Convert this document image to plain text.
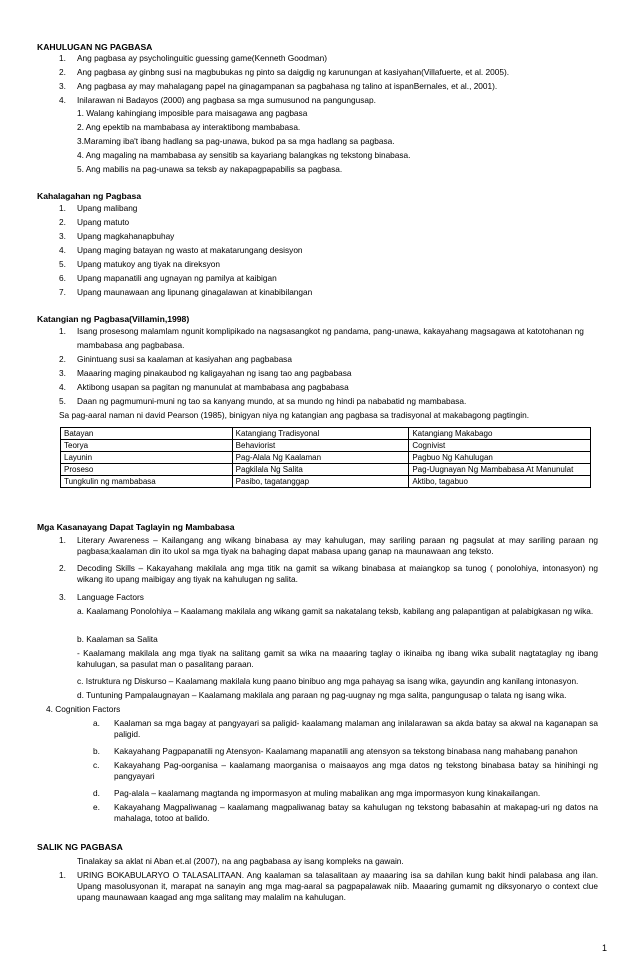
KAHULUGAN NG PAGBASA
1. Ang pagbasa ay psycholinguitic guessing game(Kenneth Goodman)
2. Ang pagbasa ay ginbng susi na magbubukas ng pinto sa daigdig ng karunungan at kasiyahan(Villafuerte, et al. 2005).
3. Ang pagbasa ay may mahalagang papel na ginagampanan sa pagbahasa ng talino at ispanBernales, et al., 2001).
4. Inilarawan ni Badayos (2000) ang pagbasa sa mga sumusunod na pangungusap.
1. Walang kahingiang imposible para maisagawa ang pagbasa
2. Ang epektib na mambabasa ay interaktibong mambabasa.
3.Maraming iba't ibang hadlang sa pag-unawa, bukod pa sa mga hadlang sa pagbasa.
4. Ang magaling na mambabasa ay sensitib sa kayariang balangkas ng tekstong binabasa.
5. Ang mabilis na pag-unawa sa teksb ay nakapagpapabilis sa pagbasa.
Kahalagahan ng Pagbasa
1. Upang malibang
2. Upang matuto
3. Upang magkahanapbuhay
4. Upang maging batayan ng wasto at makatarungang desisyon
5. Upang matukoy ang tiyak na direksyon
6. Upang mapanatili ang ugnayan ng pamilya at kaibigan
7. Upang maunawaan ang lipunang ginagalawan at kinabibilangan
Katangian ng Pagbasa(Villamin,1998)
1. Isang prosesong malamlam ngunit komplipikado na nagsasangkot ng pandama, pang-unawa, kakayahang magsagawa at katotohanan ng
mambabasa ang pagbabasa.
2. Ginintuang susi sa kaalaman at kasiyahan ang pagbabasa
3. Maaaring maging pinakaubod ng kaligayahan ng isang tao ang pagbabasa
4. Aktibong usapan sa pagitan ng manunulat at mambabasa ang pagbabasa
5. Daan ng pagmumuni-muni ng tao sa kanyang mundo, at sa mundo ng hindi pa nababatid ng mambabasa.
Sa pag-aaral naman ni david Pearson (1985), binigyan niya ng katangian ang pagbasa sa tradisyonal at makabagong pagtingin.
Batayan	Katangiang Tradisyonal	Katangiang Makabago
Teorya	Behaviorist	Cognivist
Layunin	Pag-Alala Ng Kaalaman	Pagbuo Ng Kahulugan
Proseso	Pagkilala Ng Salita	Pag-Uugnayan Ng Mambabasa At Manunulat
Tungkulin ng mambabasa	Pasibo, tagatanggap	Aktibo, tagabuo
Mga Kasanayang Dapat Taglayin ng Mambabasa
1. Literary Awareness – Kailangang ang wikang binabasa ay may kahulugan, may sariling paraan ng pagsulat at may sariling paraan ng pagbasa;kaalaman din ito ukol sa mga tiyak na bahaging dapat mabasa upang ganap na maunawaan ang teksto.
2. Decoding Skills – Kakayahang makilala ang mga titik na gamit sa wikang binabasa at maiangkop sa tunog ( ponolohiya, intonasyon) ng wikang ito upang maibigay ang tiyak na kahulugan ng salita.
3. Language Factors
a. Kaalamang Ponolohiya – Kaalamang makilala ang wikang gamit sa nakatalang teksb, kabilang ang palapantigan at palabigkasan ng wika.
b. Kaalaman sa Salita
- Kaalamang makilala ang mga tiyak na salitang gamit sa wika na maaaring taglay o ikinaiba ng ibang wika subalit nagtataglay ng ibang kahulugan, sa pasulat man o pasalitang paraan.
c. Istruktura ng Diskurso – Kaalamang makilala kung paano binibuo ang mga pahayag sa isang wika, gayundin ang kanilang intonasyon.
d. Tuntuning Pampalaugnayan – Kaalamang makilala ang paraan ng pag-uugnay ng mga salita, pangungusap o talata ng isang wika.
4. Cognition Factors
a. Kaalaman sa mga bagay at pangyayari sa paligid- kaalamang malaman ang inilalarawan sa akda batay sa akwal na kaganapan sa paligid.
b. Kakayahang Pagpapanatili ng Atensyon- Kaalamang mapanatili ang atensyon sa tekstong binabasa nang mahabang panahon
c. Kakayahang Pag-oorganisa – kaalamang maorganisa o maisaayos ang mga datos ng tekstong binabasa batay sa hinihingi ng pangyayari
d. Pag-alala – kaalamang magtanda ng impormasyon at muling mabalikan ang mga impormasyon kung kinakailangan.
e. Kakayahang Magpaliwanag – kaalamang magpaliwanag batay sa kahulugan ng tekstong babasahin at makapag-uri ng datos na mahalaga, totoo at balido.
SALIK NG PAGBASA
Tinalakay sa aklat ni Aban et.al (2007), na ang pagbabasa ay isang kompleks na gawain.
1. URING BOKABULARYO O TALASALITAAN. Ang kaalaman sa talasalitaan ay maaaring isa sa dahilan kung bakit hindi palabasa ang ilan. Upang masolusyonan it, marapat na sanayin ang mga mag-aaral sa pagpapalawak niib. Maaaring gumamit ng diksyonaryo o context clue upang maunawaan kaagad ang mga salitang may malalim na kahulugan.
1
